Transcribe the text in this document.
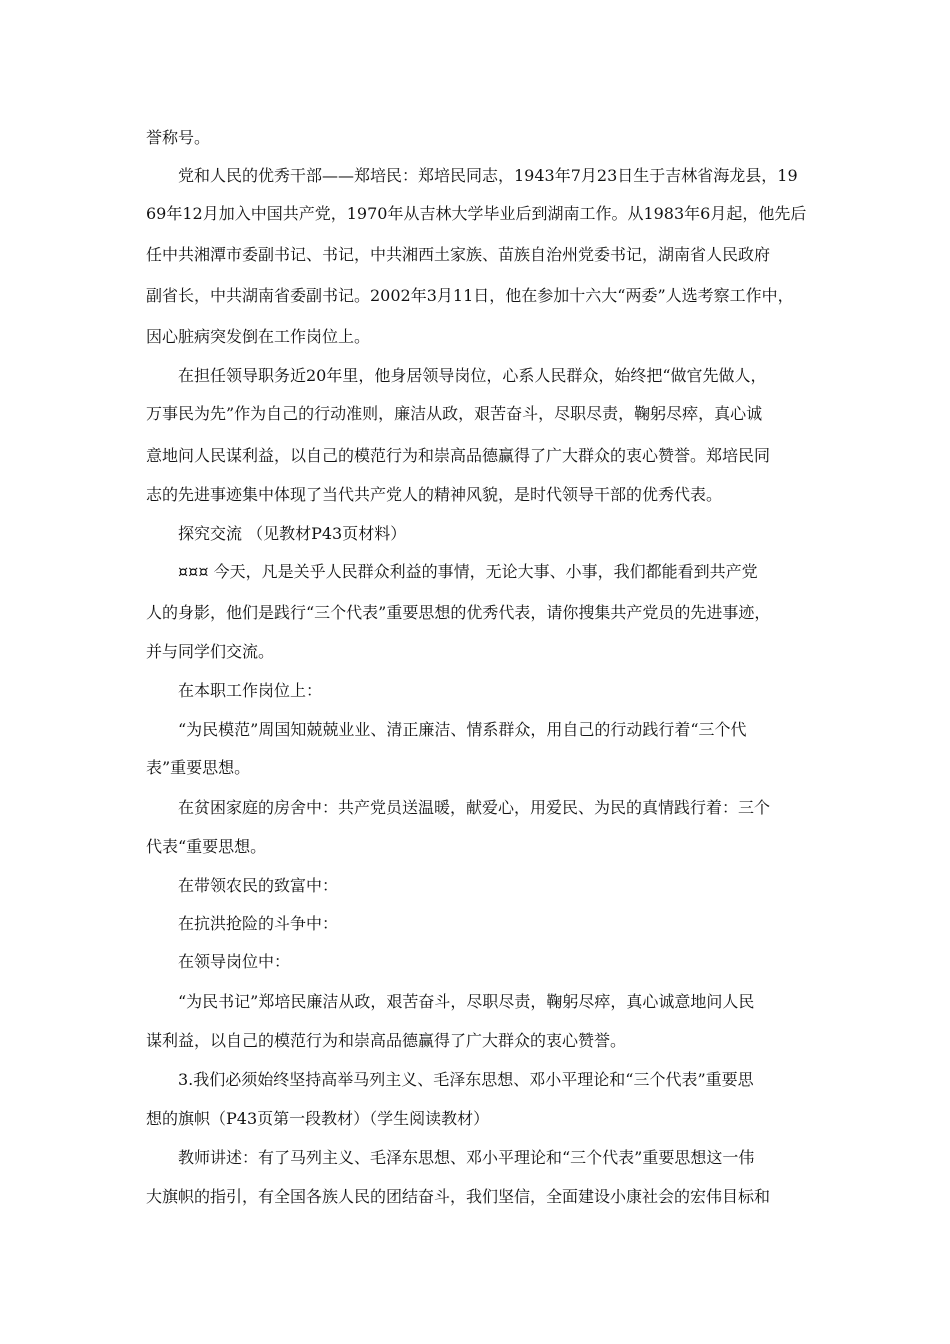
誉称号。
党和人民的优秀干部——郑培民：郑培民同志，1943年7月23日生于吉林省海龙县，19
69年12月加入中国共产党，1970年从吉林大学毕业后到湖南工作。从1983年6月起，他先后
任中共湘潭市委副书记、书记，中共湘西土家族、苗族自治州党委书记，湖南省人民政府
副省长，中共湖南省委副书记。2002年3月11日，他在参加十六大“两委”人选考察工作中，
因心脏病突发倒在工作岗位上。
在担任领导职务近20年里，他身居领导岗位，心系人民群众，始终把“做官先做人，
万事民为先”作为自己的行动准则，廉洁从政，艰苦奋斗，尽职尽责，鞠躬尽瘁，真心诚
意地问人民谋利益，以自己的模范行为和崇高品德赢得了广大群众的衷心赞誉。郑培民同
志的先进事迹集中体现了当代共产党人的精神风貌，是时代领导干部的优秀代表。
探究交流 （见教材P43页材料）
¤¤¤ 今天，凡是关乎人民群众利益的事情，无论大事、小事，我们都能看到共产党
人的身影，他们是践行“三个代表”重要思想的优秀代表，请你搜集共产党员的先进事迹，
并与同学们交流。
在本职工作岗位上：
“为民模范”周国知兢兢业业、清正廉洁、情系群众，用自己的行动践行着“三个代
表”重要思想。
在贫困家庭的房舍中：共产党员送温暖，献爱心，用爱民、为民的真情践行着：三个
代表“重要思想。
在带领农民的致富中：
在抗洪抢险的斗争中：
在领导岗位中：
“为民书记”郑培民廉洁从政，艰苦奋斗，尽职尽责，鞠躬尽瘁，真心诚意地问人民
谋利益，以自己的模范行为和崇高品德赢得了广大群众的衷心赞誉。
3.我们必须始终坚持高举马列主义、毛泽东思想、邓小平理论和“三个代表”重要思
想的旗帜（P43页第一段教材）（学生阅读教材）
教师讲述：有了马列主义、毛泽东思想、邓小平理论和“三个代表”重要思想这一伟
大旗帜的指引，有全国各族人民的团结奋斗，我们坚信，全面建设小康社会的宏伟目标和
